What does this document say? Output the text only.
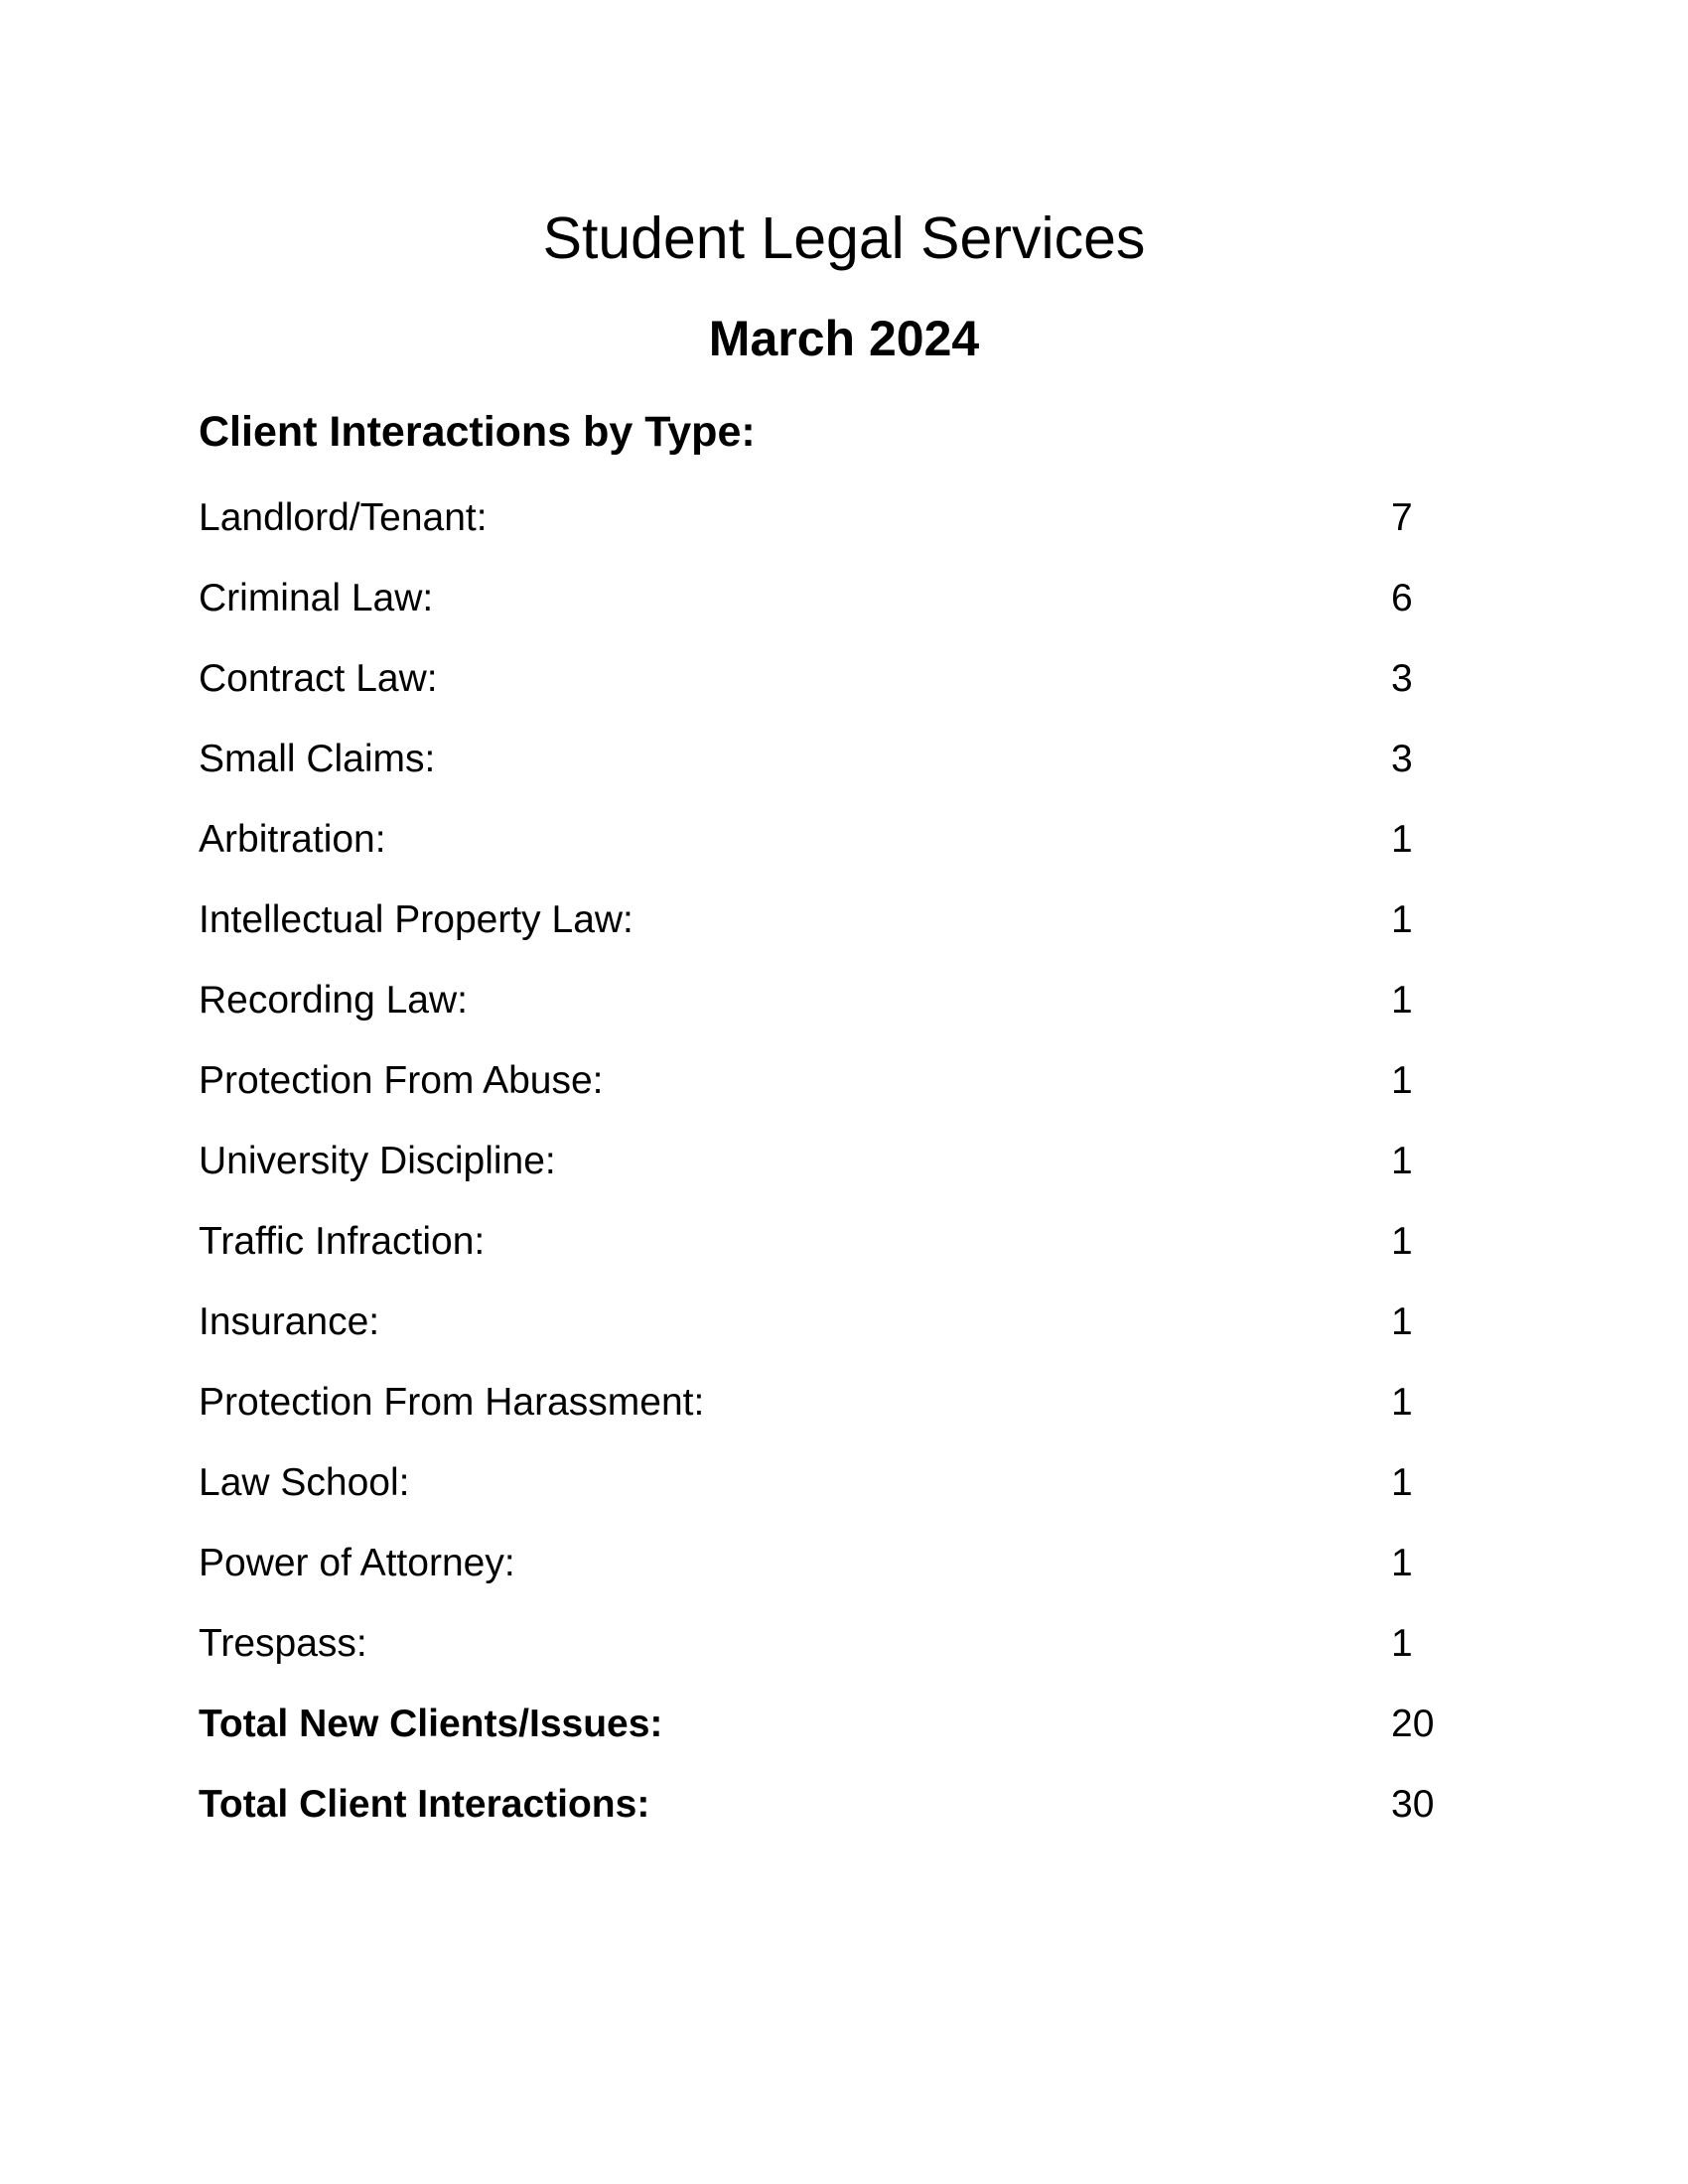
Student Legal Services
March 2024
Client Interactions by Type:
Landlord/Tenant:	7
Criminal Law:	6
Contract Law:	3
Small Claims:	3
Arbitration:	1
Intellectual Property Law:	1
Recording Law:	1
Protection From Abuse:	1
University Discipline:	1
Traffic Infraction:	1
Insurance:	1
Protection From Harassment:	1
Law School:	1
Power of Attorney:	1
Trespass:	1
Total New Clients/Issues:	20
Total Client Interactions:	30
